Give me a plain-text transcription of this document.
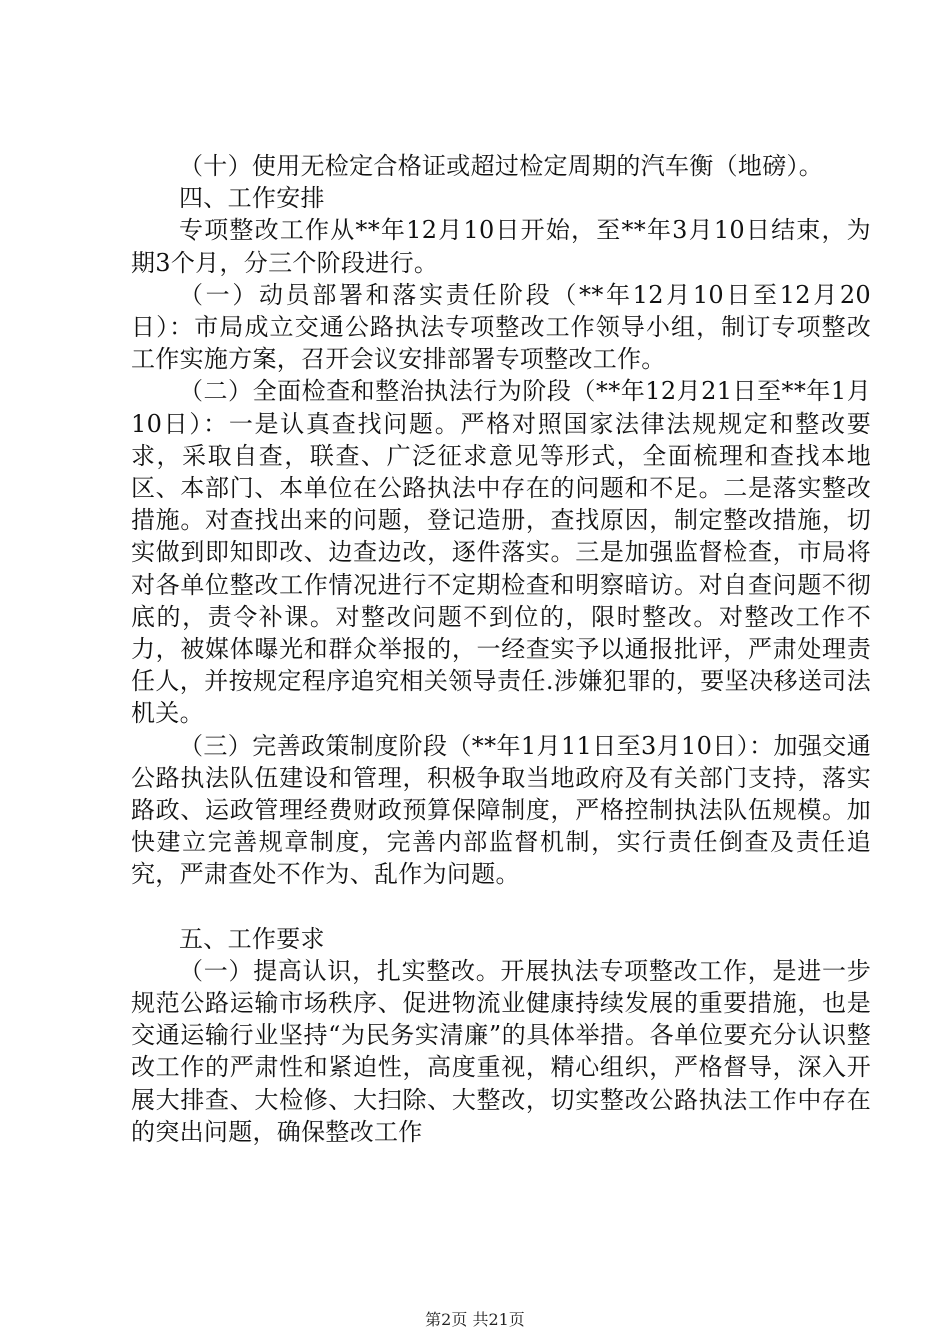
（十）使用无检定合格证或超过检定周期的汽车衡（地磅）。

四、工作安排

专项整改工作从**年12月10日开始，至**年3月10日结束，为期3个月，分三个阶段进行。

（一）动员部署和落实责任阶段（**年12月10日至12月20日）：市局成立交通公路执法专项整改工作领导小组，制订专项整改工作实施方案，召开会议安排部署专项整改工作。

（二）全面检查和整治执法行为阶段（**年12月21日至**年1月10日）：一是认真查找问题。严格对照国家法律法规规定和整改要求，采取自查，联查、广泛征求意见等形式，全面梳理和查找本地区、本部门、本单位在公路执法中存在的问题和不足。二是落实整改措施。对查找出来的问题，登记造册，查找原因，制定整改措施，切实做到即知即改、边查边改，逐件落实。三是加强监督检查，市局将对各单位整改工作情况进行不定期检查和明察暗访。对自查问题不彻底的，责令补课。对整改问题不到位的，限时整改。对整改工作不力，被媒体曝光和群众举报的，一经查实予以通报批评，严肃处理责任人，并按规定程序追究相关领导责任.涉嫌犯罪的，要坚决移送司法机关。

（三）完善政策制度阶段（**年1月11日至3月10日）：加强交通公路执法队伍建设和管理，积极争取当地政府及有关部门支持，落实路政、运政管理经费财政预算保障制度，严格控制执法队伍规模。加快建立完善规章制度，完善内部监督机制，实行责任倒查及责任追究，严肃查处不作为、乱作为问题。

五、工作要求

（一）提高认识，扎实整改。开展执法专项整改工作，是进一步规范公路运输市场秩序、促进物流业健康持续发展的重要措施，也是交通运输行业坚持“为民务实清廉”的具体举措。各单位要充分认识整改工作的严肃性和紧迫性，高度重视，精心组织，严格督导，深入开展大排查、大检修、大扫除、大整改，切实整改公路执法工作中存在的突出问题，确保整改工作

第2页 共21页
